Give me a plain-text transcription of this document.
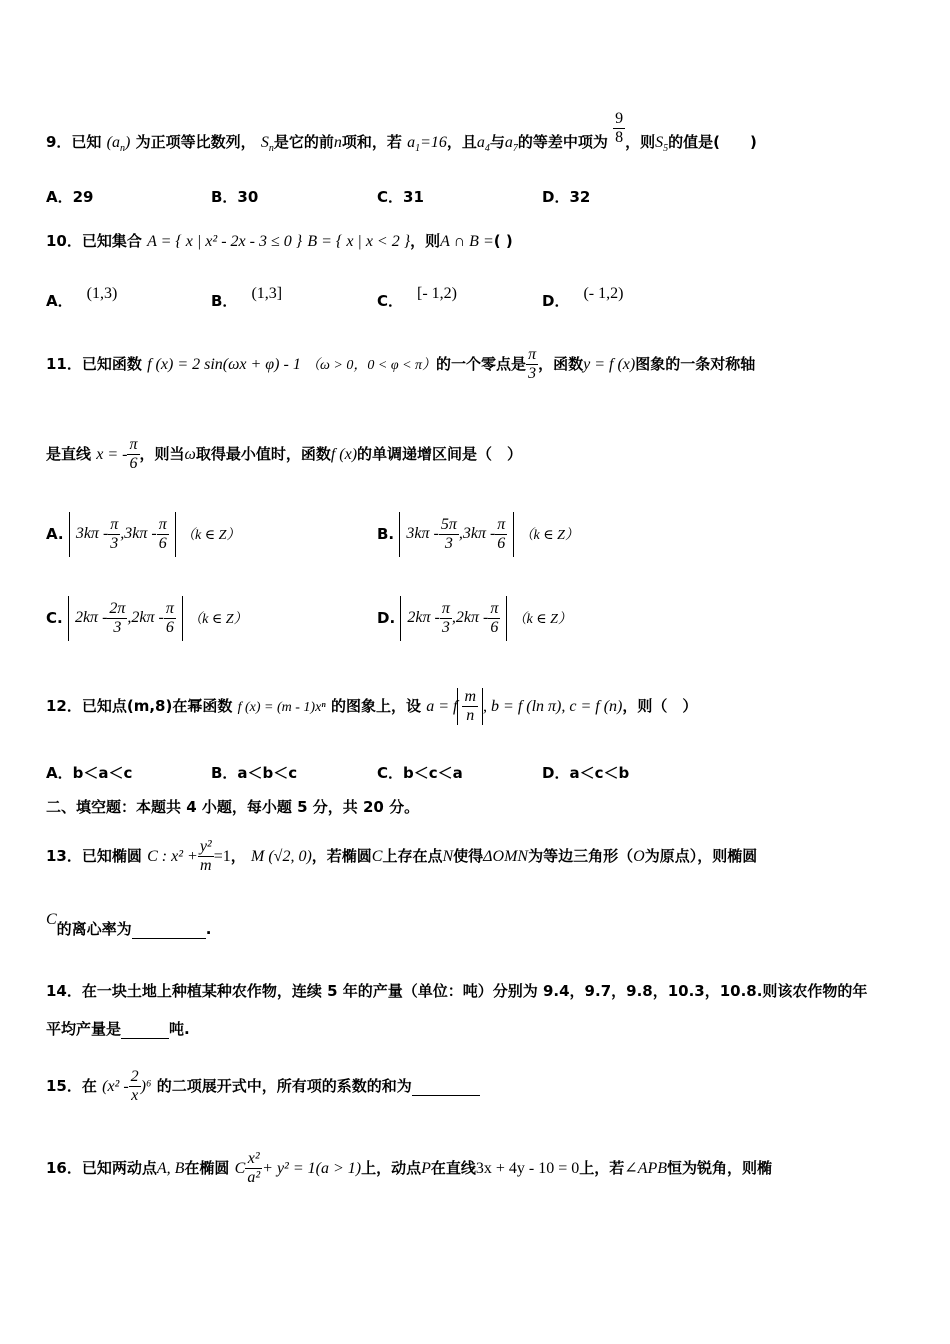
9．已知 $(a_n)$ 为正项等比数列， $S_n$是它的前n项和，若 $a_1=16$，且$a_4$与$a_7$的等差中项为 $\frac{9}{8}$ ，则$S_5$的值是(　　)
A．29	B．30	C．31	D．32
10．已知集合 A = { x | x² - 2x - 3 ≤ 0 } B = { x | x < 2 }，则A ∩ B =( )
A． (1,3)	B． (1,3]	C． [- 1,2)	D． (- 1,2)
11．已知函数 f (x) = 2 sin(ωx + φ) - 1 （ω > 0，0 < φ < π）的一个零点是 $\frac{\pi}{3}$ ，函数y = f (x)图象的一条对称轴
是直线 x = - $\frac{\pi}{6}$ ，则当ω取得最小值时，函数f (x)的单调递增区间是（　）
A. $3k\pi - \frac{\pi}{3} ,3k\pi - \frac{\pi}{6} (k$ ∈ Z）	B. $3k\pi - \frac{5\pi}{3} ,3k\pi - \frac{\pi}{6} (k$ ∈ Z）
C. $2k\pi - \frac{2\pi}{3} ,2k\pi - \frac{\pi}{6} (k$ ∈ Z）	D. $2k\pi - \frac{\pi}{3} ,2k\pi - \frac{\pi}{6} (k$ ∈ Z）
12．已知点(m,8)在幂函数 f (x) = (m - 1)xⁿ 的图象上，设 a = f $\frac{m}{n}$ , b = f (ln π), c = f (n)，则（　）
A．b＜a＜c	B．a＜b＜c	C．b＜c＜a	D．a＜c＜b
二、填空题：本题共 4 小题，每小题 5 分，共 20 分。
13．已知椭圆 C : $x^2 + \frac{\text{y²}}{m} =1$， M (√2, 0)，若椭圆C上存在点N使得ΔOMN为等边三角形（O为原点），则椭圆
C的离心率为	.
14．在一块土地上种植某种农作物，连续 5 年的产量（单位：吨）分别为 9.4，9.7，9.8，10.3，10.8.则该农作物的年
平均产量是	吨.
15．在 $(x^2 - \frac{2}{x} )^6$ 的二项展开式中，所有项的系数的和为
16．已知两动点A, B在椭圆 C $\frac{\text{x²}}{\text{a²}} + y^2 = 1(a > 1)$上，动点P在直线3x + 4y - 10 = 0上，若∠APB恒为锐角，则椭
